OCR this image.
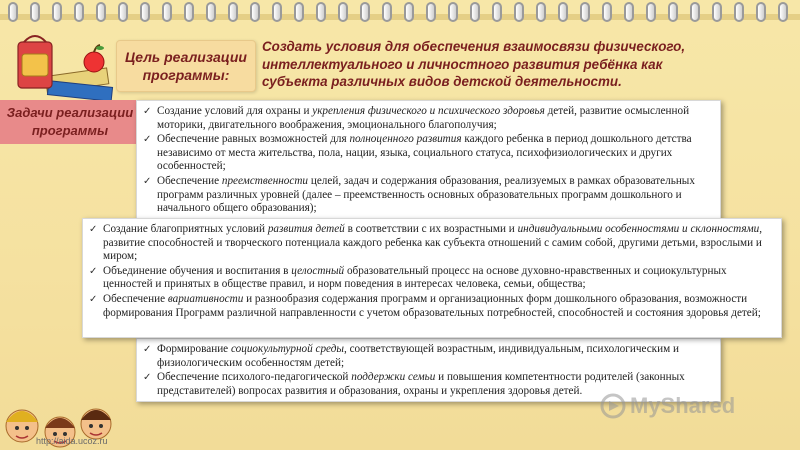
Цель реализации программы:
Создать условия для обеспечения взаимосвязи физического, интеллектуального и личностного развития ребёнка как субъекта различных видов детской деятельности.
Задачи реализации программы
✓ Создание условий для охраны и укрепления физического и психического здоровья детей, развитие осмысленной моторики, двигательного воображения, эмоционального благополучия;
✓ Обеспечение равных возможностей для полноценного развития каждого ребенка в период дошкольного детства независимо от места жительства, пола, нации, языка, социального статуса, психофизиологических и других особенностей;
✓ Обеспечение преемственности целей, задач и содержания образования, реализуемых в рамках образовательных программ различных уровней (далее – преемственность основных образовательных программ дошкольного и начального общего образования);
✓ Формирование социокультурной среды, соответствующей возрастным, индивидуальным, психологическим и физиологическим особенностям детей;
✓ Обеспечение психолого-педагогической поддержки семьи и повышения компетентности родителей (законных представителей) вопросах развития и образования, охраны и укрепления здоровья детей.
✓ Создание благоприятных условий развития детей в соответствии с их возрастными и индивидуальными особенностями и склонностями, развитие способностей и творческого потенциала каждого ребенка как субъекта отношений с самим собой, другими детьми, взрослыми и миром;
✓ Объединение обучения и воспитания в целостный образовательный процесс на основе духовно-нравственных и социокультурных ценностей и принятых в обществе правил, и норм поведения в интересах человека, семьи, общества;
✓ Обеспечение вариативности и разнообразия содержания программ и организационных форм дошкольного образования, возможности формирования Программ различной направленности с учетом образовательных потребностей, способностей и состояния здоровья детей;
http://aida.ucoz.ru
MyShared
